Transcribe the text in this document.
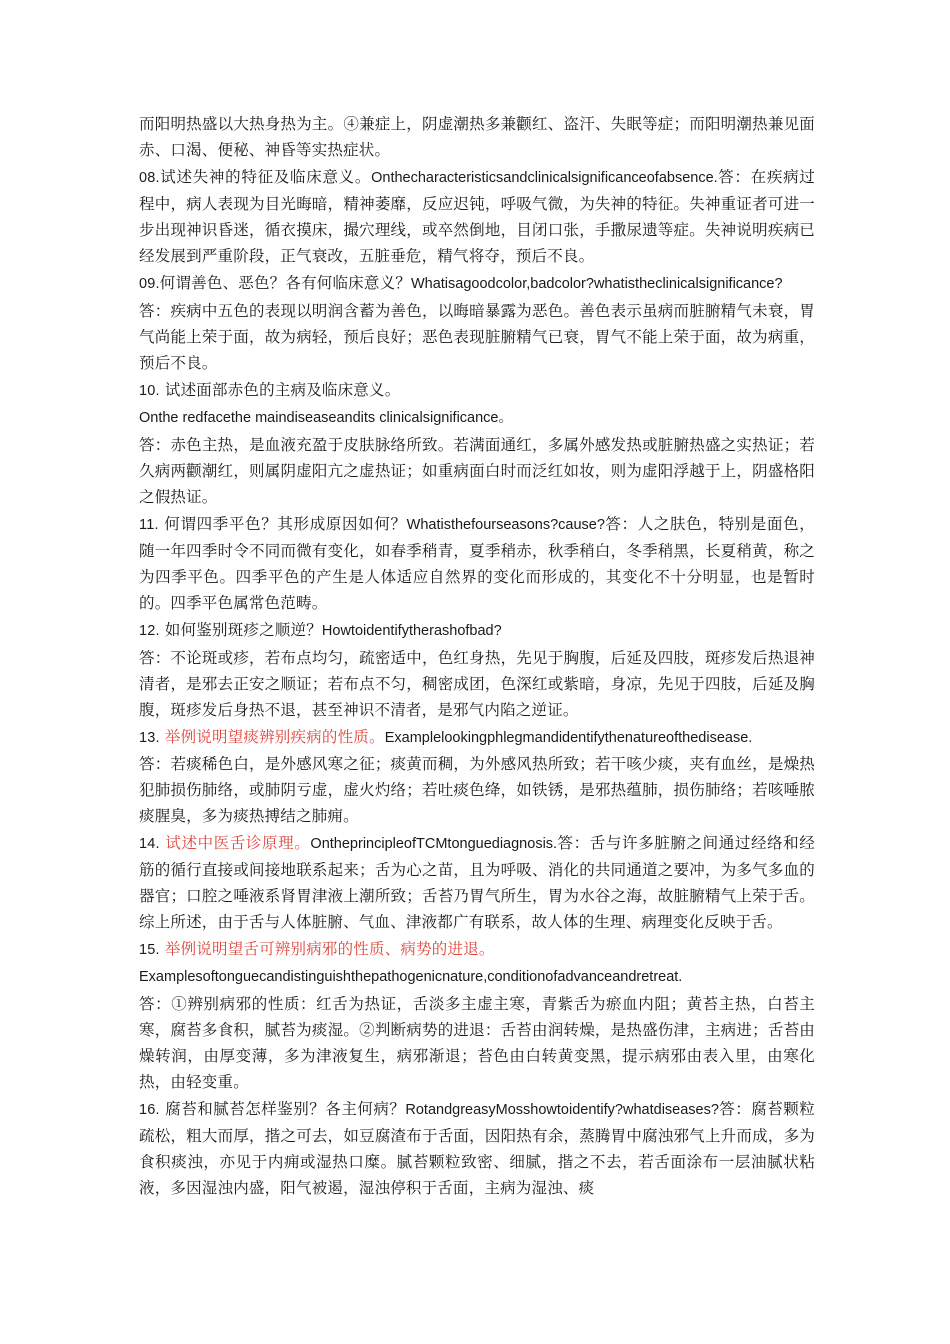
而阳明热盛以大热身热为主。④兼症上，阴虚潮热多兼颧红、盗汗、失眠等症；而阳明潮热兼见面赤、口渴、便秘、神昏等实热症状。

08.试述失神的特征及临床意义。Onthecharacteristicsandclinicalsignificanceofabsence.答：在疾病过程中，病人表现为目光晦暗，精神萎靡，反应迟钝，呼吸气微，为失神的特征。失神重证者可进一步出现神识昏迷，循衣摸床，撮穴理线，或卒然倒地，目闭口张，手撒尿遗等症。失神说明疾病已经发展到严重阶段，正气衰改，五脏垂危，精气将夺，预后不良。

09.何谓善色、恶色？各有何临床意义？Whatisagoodcolor,badcolor?whatistheclinicalsignificance?

答：疾病中五色的表现以明润含蓄为善色，以晦暗暴露为恶色。善色表示虽病而脏腑精气未衰，胃气尚能上荣于面，故为病轻，预后良好；恶色表现脏腑精气已衰，胃气不能上荣于面，故为病重，预后不良。

10. 试述面部赤色的主病及临床意义。
Onthe redfacethe maindiseaseandits clinicalsignificance。

答：赤色主热，是血液充盈于皮肤脉络所致。若满面通红，多属外感发热或脏腑热盛之实热证；若久病两颧潮红，则属阴虚阳亢之虚热证；如重病面白时而泛红如妆，则为虚阳浮越于上，阴盛格阳之假热证。

11. 何谓四季平色？其形成原因如何？Whatisthefourseasons?cause?答：人之肤色，特别是面色，随一年四季时令不同而微有变化，如春季稍青，夏季稍赤，秋季稍白，冬季稍黑，长夏稍黄，称之为四季平色。四季平色的产生是人体适应自然界的变化而形成的，其变化不十分明显，也是暂时的。四季平色属常色范畴。

12. 如何鉴别斑疹之顺逆？Howtoidentifytherashofbad?

答：不论斑或疹，若布点均匀，疏密适中，色红身热，先见于胸腹，后延及四肢，斑疹发后热退神清者，是邪去正安之顺证；若布点不匀，稠密成团，色深红或紫暗，身凉，先见于四肢，后延及胸腹，斑疹发后身热不退，甚至神识不清者，是邪气内陷之逆证。

13. 举例说明望痰辨别疾病的性质。Examplelookingphlegmandidentifythenatureofthedisease.
答：若痰稀色白，是外感风寒之征；痰黄而稠，为外感风热所致；若干咳少痰，夹有血丝，是燥热犯肺损伤肺络，或肺阴亏虚，虚火灼络；若吐痰色绛，如铁锈，是邪热蕴肺，损伤肺络；若咳唾脓痰腥臭，多为痰热搏结之肺痈。

14. 试述中医舌诊原理。OntheprincipleofTCMtonguediagnosis.答：舌与许多脏腑之间通过经络和经筋的循行直接或间接地联系起来；舌为心之苗，且为呼吸、消化的共同通道之要冲，为多气多血的器官；口腔之唾液系肾胃津液上潮所致；舌苔乃胃气所生，胃为水谷之海，故脏腑精气上荣于舌。综上所述，由于舌与人体脏腑、气血、津液都广有联系，故人体的生理、病理变化反映于舌。

15. 举例说明望舌可辨别病邪的性质、病势的进退。
Examplesoftonguecandistinguishthepathogenicnature,conditionofadvanceandretreat.

答：①辨别病邪的性质：红舌为热证，舌淡多主虚主寒，青紫舌为瘀血内阻；黄苔主热，白苔主寒，腐苔多食积，腻苔为痰湿。②判断病势的进退：舌苔由润转燥，是热盛伤津，主病进；舌苔由燥转润，由厚变薄，多为津液复生，病邪渐退；苔色由白转黄变黑，提示病邪由表入里，由寒化热，由轻变重。

16. 腐苔和腻苔怎样鉴别？各主何病？RotandgreasyMosshowtoidentify?whatdiseases?答：腐苔颗粒疏松，粗大而厚，揩之可去，如豆腐渣布于舌面，因阳热有余，蒸腾胃中腐浊邪气上升而成，多为食积痰浊，亦见于内痈或湿热口糜。腻苔颗粒致密、细腻，揩之不去，若舌面涂布一层油腻状粘液，多因湿浊内盛，阳气被遏，湿浊停积于舌面，主病为湿浊、痰
